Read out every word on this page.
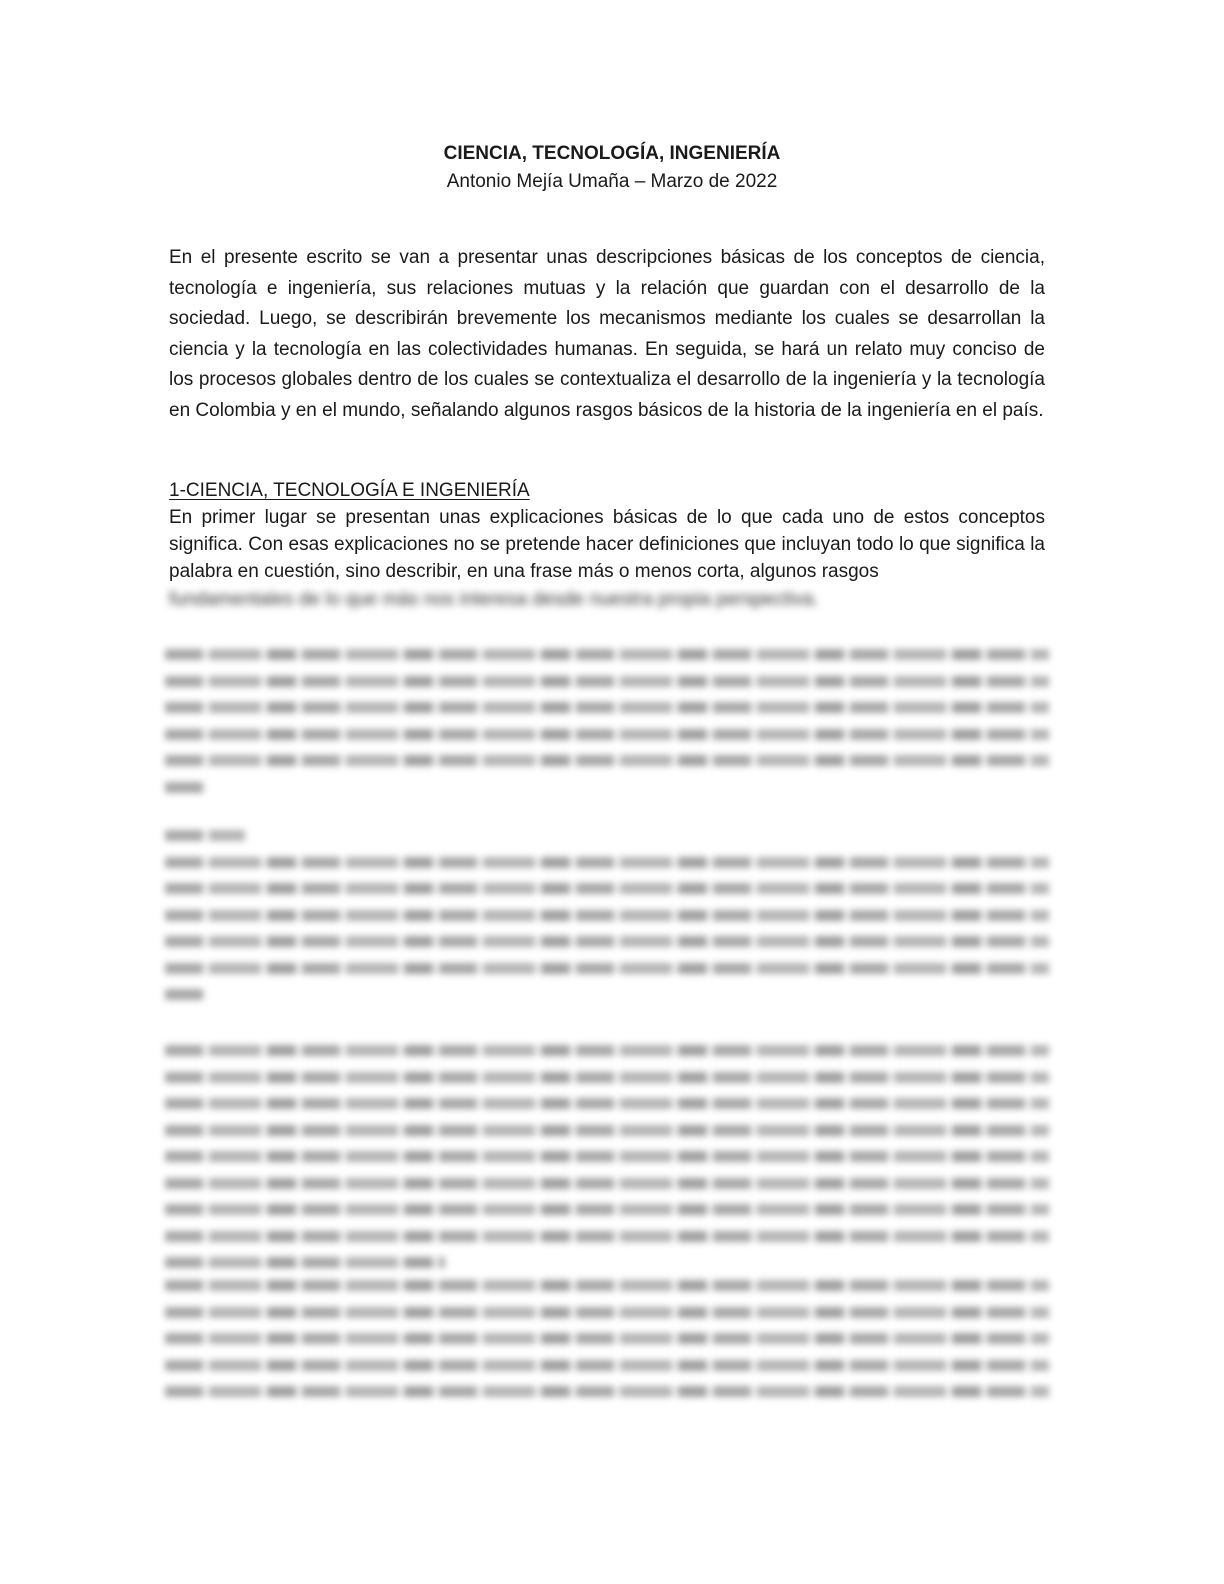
CIENCIA, TECNOLOGÍA, INGENIERÍA
Antonio Mejía Umaña – Marzo de 2022

En el presente escrito se van a presentar unas descripciones básicas de los conceptos de ciencia, tecnología e ingeniería, sus relaciones mutuas y la relación que guardan con el desarrollo de la sociedad. Luego, se describirán brevemente los mecanismos mediante los cuales se desarrollan la ciencia y la tecnología en las colectividades humanas. En seguida, se hará un relato muy conciso de los procesos globales dentro de los cuales se contextualiza el desarrollo de la ingeniería y la tecnología en Colombia y en el mundo, señalando algunos rasgos básicos de la historia de la ingeniería en el país.

1-CIENCIA, TECNOLOGÍA E INGENIERÍA

En primer lugar se presentan unas explicaciones básicas de lo que cada uno de estos conceptos significa. Con esas explicaciones no se pretende hacer definiciones que incluyan todo lo que significa la palabra en cuestión, sino describir, en una frase más o menos corta, algunos rasgos

fundamentales de lo que más nos interesa desde nuestra propia perspectiva.
